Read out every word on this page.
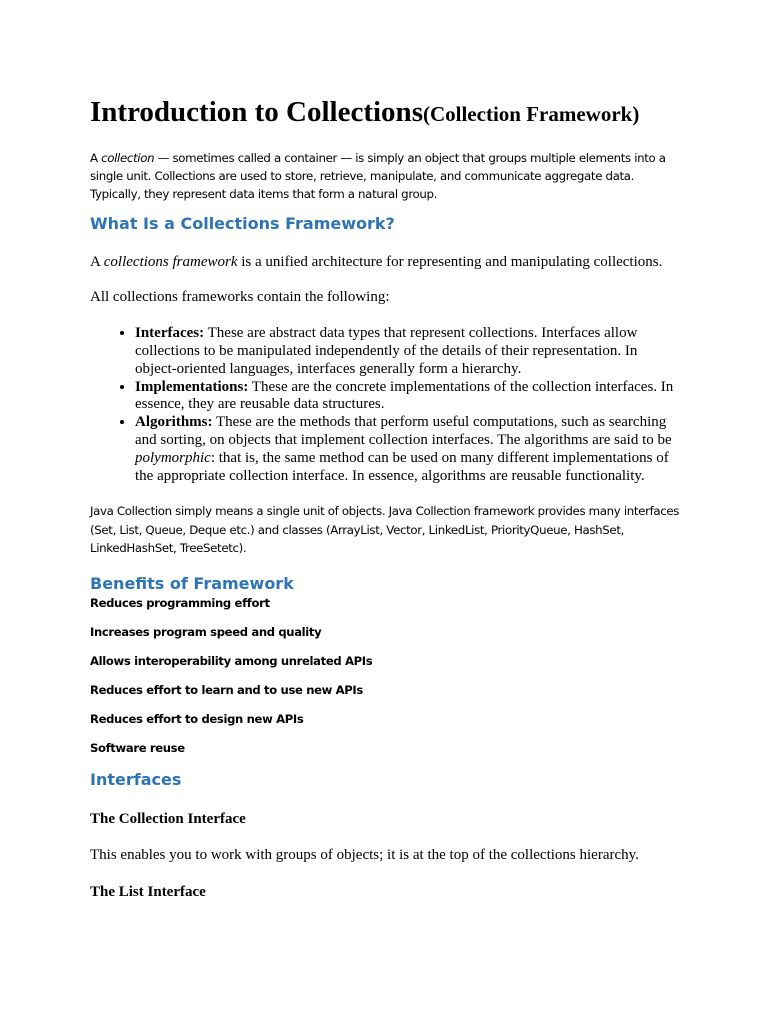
Introduction to Collections(Collection Framework)

A collection — sometimes called a container — is simply an object that groups multiple elements into a single unit. Collections are used to store, retrieve, manipulate, and communicate aggregate data. Typically, they represent data items that form a natural group.

What Is a Collections Framework?

A collections framework is a unified architecture for representing and manipulating collections.

All collections frameworks contain the following:

• Interfaces: These are abstract data types that represent collections. Interfaces allow collections to be manipulated independently of the details of their representation. In object-oriented languages, interfaces generally form a hierarchy.
• Implementations: These are the concrete implementations of the collection interfaces. In essence, they are reusable data structures.
• Algorithms: These are the methods that perform useful computations, such as searching and sorting, on objects that implement collection interfaces. The algorithms are said to be polymorphic: that is, the same method can be used on many different implementations of the appropriate collection interface. In essence, algorithms are reusable functionality.

Java Collection simply means a single unit of objects. Java Collection framework provides many interfaces (Set, List, Queue, Deque etc.) and classes (ArrayList, Vector, LinkedList, PriorityQueue, HashSet, LinkedHashSet, TreeSetetc).

Benefits of Framework
Reduces programming effort
Increases program speed and quality
Allows interoperability among unrelated APIs
Reduces effort to learn and to use new APIs
Reduces effort to design new APIs
Software reuse
Interfaces
The Collection Interface

This enables you to work with groups of objects; it is at the top of the collections hierarchy.

The List Interface
